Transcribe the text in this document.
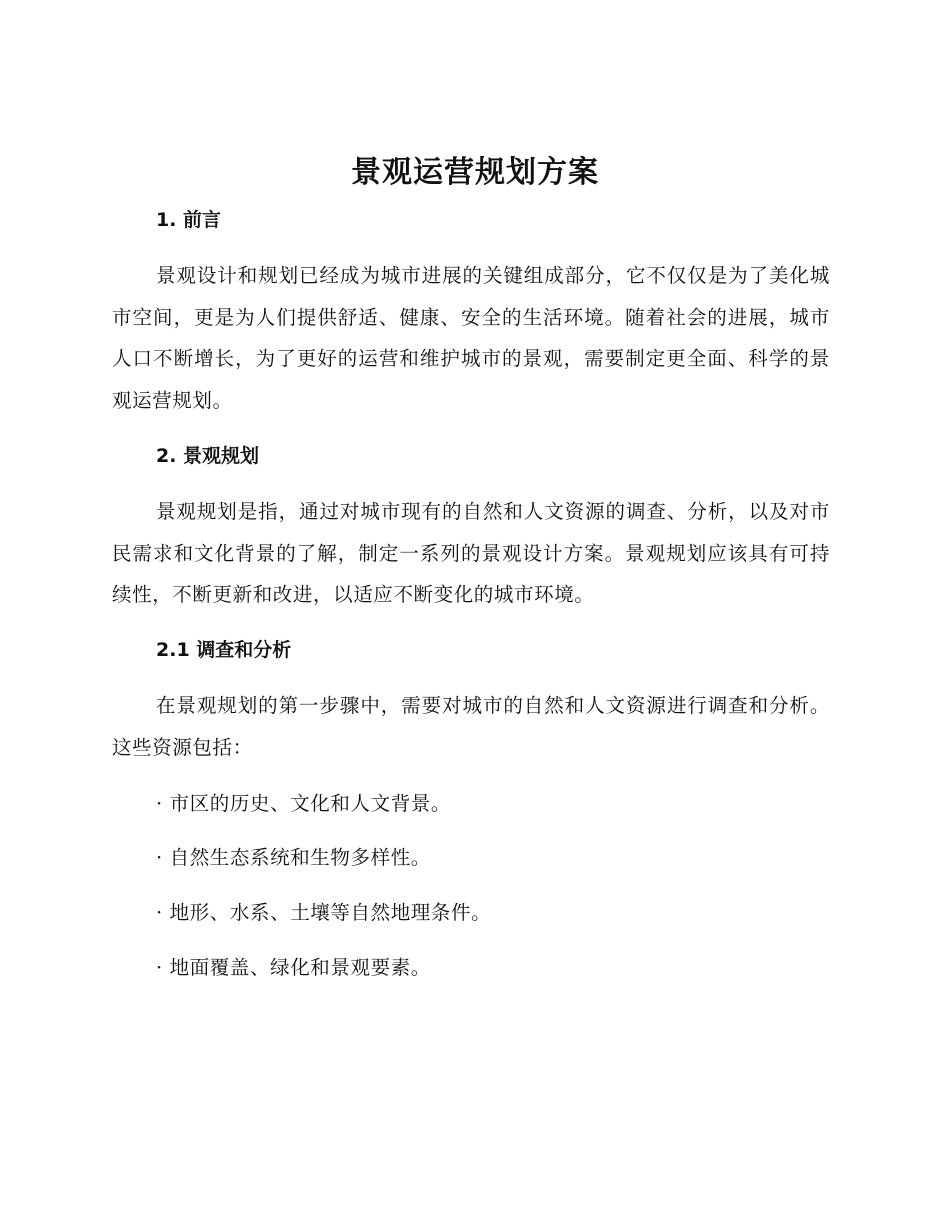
景观运营规划方案
1. 前言

景观设计和规划已经成为城市进展的关键组成部分，它不仅仅是为了美化城市空间，更是为人们提供舒适、健康、安全的生活环境。随着社会的进展，城市人口不断增长，为了更好的运营和维护城市的景观，需要制定更全面、科学的景观运营规划。

2. 景观规划

景观规划是指，通过对城市现有的自然和人文资源的调查、分析，以及对市民需求和文化背景的了解，制定一系列的景观设计方案。景观规划应该具有可持续性，不断更新和改进，以适应不断变化的城市环境。

2.1 调查和分析

在景观规划的第一步骤中，需要对城市的自然和人文资源进行调查和分析。这些资源包括：

· 市区的历史、文化和人文背景。

· 自然生态系统和生物多样性。

· 地形、水系、土壤等自然地理条件。

· 地面覆盖、绿化和景观要素。
